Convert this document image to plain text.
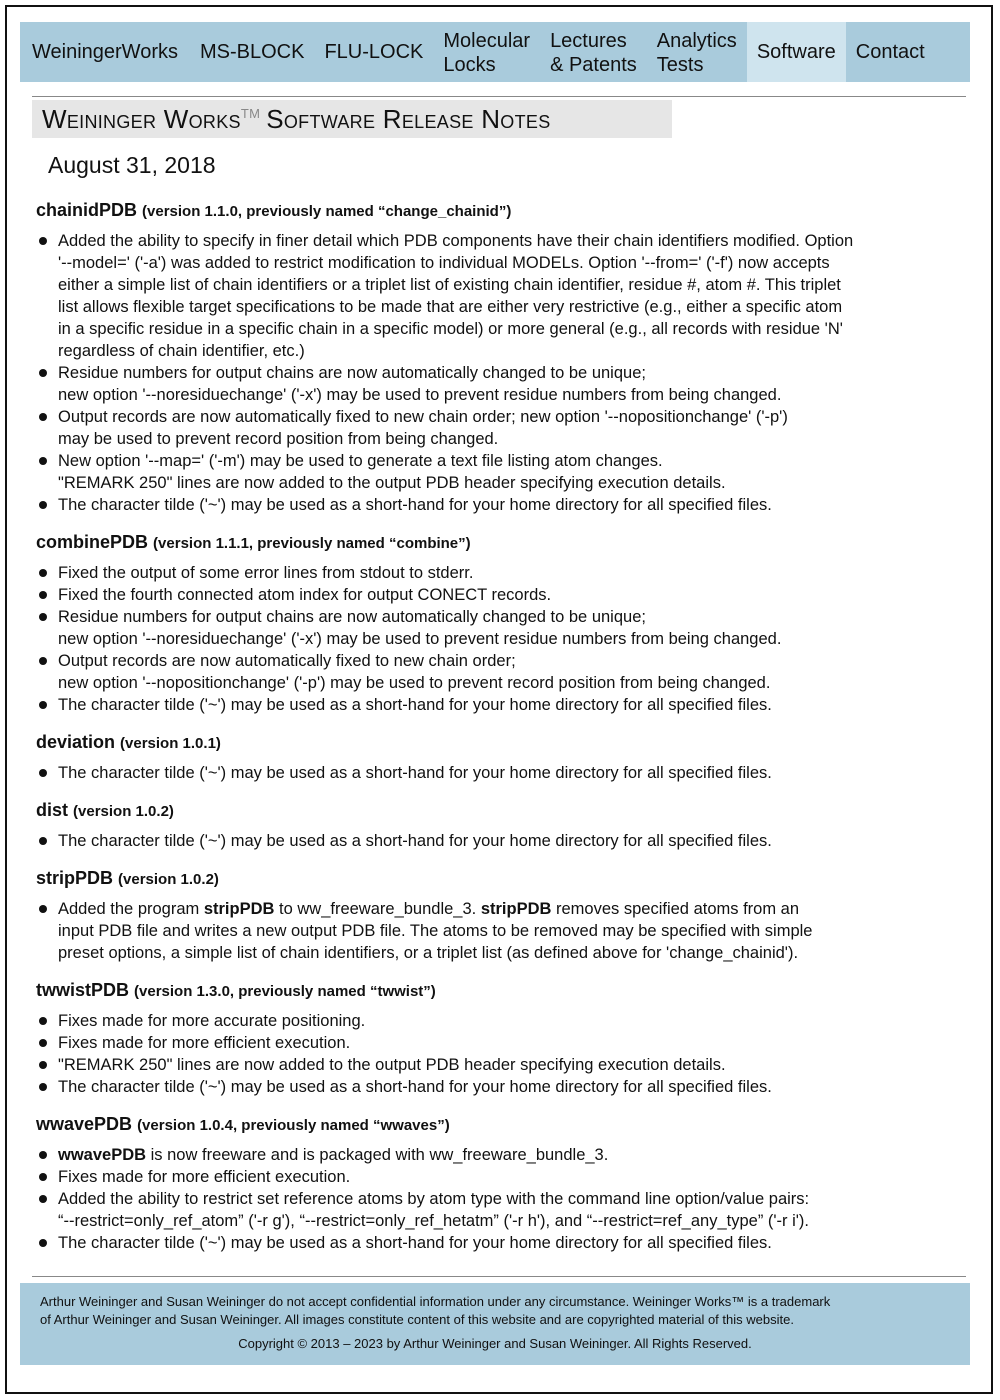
WeiningerWorks	MS-BLOCK FLU-LOCK Molecular
Locks
Lectures
& Patents
Analytics
Tests
Software Contact
Weininger Works™ Software Release Notes
August 31, 2018
chainidPDB (version 1.1.0, previously named “change_chainid”)
Added the ability to specify in finer detail which PDB components have their chain identifiers modified. Option
'--model=' ('-a') was added to restrict modification to individual MODELs. Option '--from=' ('-f') now accepts
either a simple list of chain identifiers or a triplet list of existing chain identifier, residue #, atom #. This triplet
list allows flexible target specifications to be made that are either very restrictive (e.g., either a specific atom
in a specific residue in a specific chain in a specific model) or more general (e.g., all records with residue 'N'
regardless of chain identifier, etc.)
Residue numbers for output chains are now automatically changed to be unique;
new option '--noresiduechange' ('-x') may be used to prevent residue numbers from being changed.
Output records are now automatically fixed to new chain order; new option '--nopositionchange' ('-p')
may be used to prevent record position from being changed.
New option '--map=' ('-m') may be used to generate a text file listing atom changes.
"REMARK 250" lines are now added to the output PDB header specifying execution details.
The character tilde ('~') may be used as a short-hand for your home directory for all specified files.
combinePDB (version 1.1.1, previously named “combine”)
Fixed the output of some error lines from stdout to stderr.
Fixed the fourth connected atom index for output CONECT records.
Residue numbers for output chains are now automatically changed to be unique;
new option '--noresiduechange' ('-x') may be used to prevent residue numbers from being changed.
Output records are now automatically fixed to new chain order;
new option '--nopositionchange' ('-p') may be used to prevent record position from being changed.
The character tilde ('~') may be used as a short-hand for your home directory for all specified files.
deviation (version 1.0.1)
The character tilde ('~') may be used as a short-hand for your home directory for all specified files.
dist (version 1.0.2)
The character tilde ('~') may be used as a short-hand for your home directory for all specified files.
stripPDB (version 1.0.2)
Added the program stripPDB to ww_freeware_bundle_3. stripPDB removes specified atoms from an
input PDB file and writes a new output PDB file. The atoms to be removed may be specified with simple
preset options, a simple list of chain identifiers, or a triplet list (as defined above for 'change_chainid').
twwistPDB (version 1.3.0, previously named “twwist”)
Fixes made for more accurate positioning.
Fixes made for more efficient execution.
"REMARK 250" lines are now added to the output PDB header specifying execution details.
The character tilde ('~') may be used as a short-hand for your home directory for all specified files.
wwavePDB (version 1.0.4, previously named “wwaves”)
wwavePDB is now freeware and is packaged with ww_freeware_bundle_3.
Fixes made for more efficient execution.
Added the ability to restrict set reference atoms by atom type with the command line option/value pairs:
“--restrict=only_ref_atom” ('-r g'), “--restrict=only_ref_hetatm” ('-r h'), and “--restrict=ref_any_type” ('-r i').
The character tilde ('~') may be used as a short-hand for your home directory for all specified files.
Arthur Weininger and Susan Weininger do not accept confidential information under any circumstance. Weininger Works™ is a trademark
of Arthur Weininger and Susan Weininger. All images constitute content of this website and are copyrighted material of this website.
Copyright © 2013 – 2023 by Arthur Weininger and Susan Weininger. All Rights Reserved.
